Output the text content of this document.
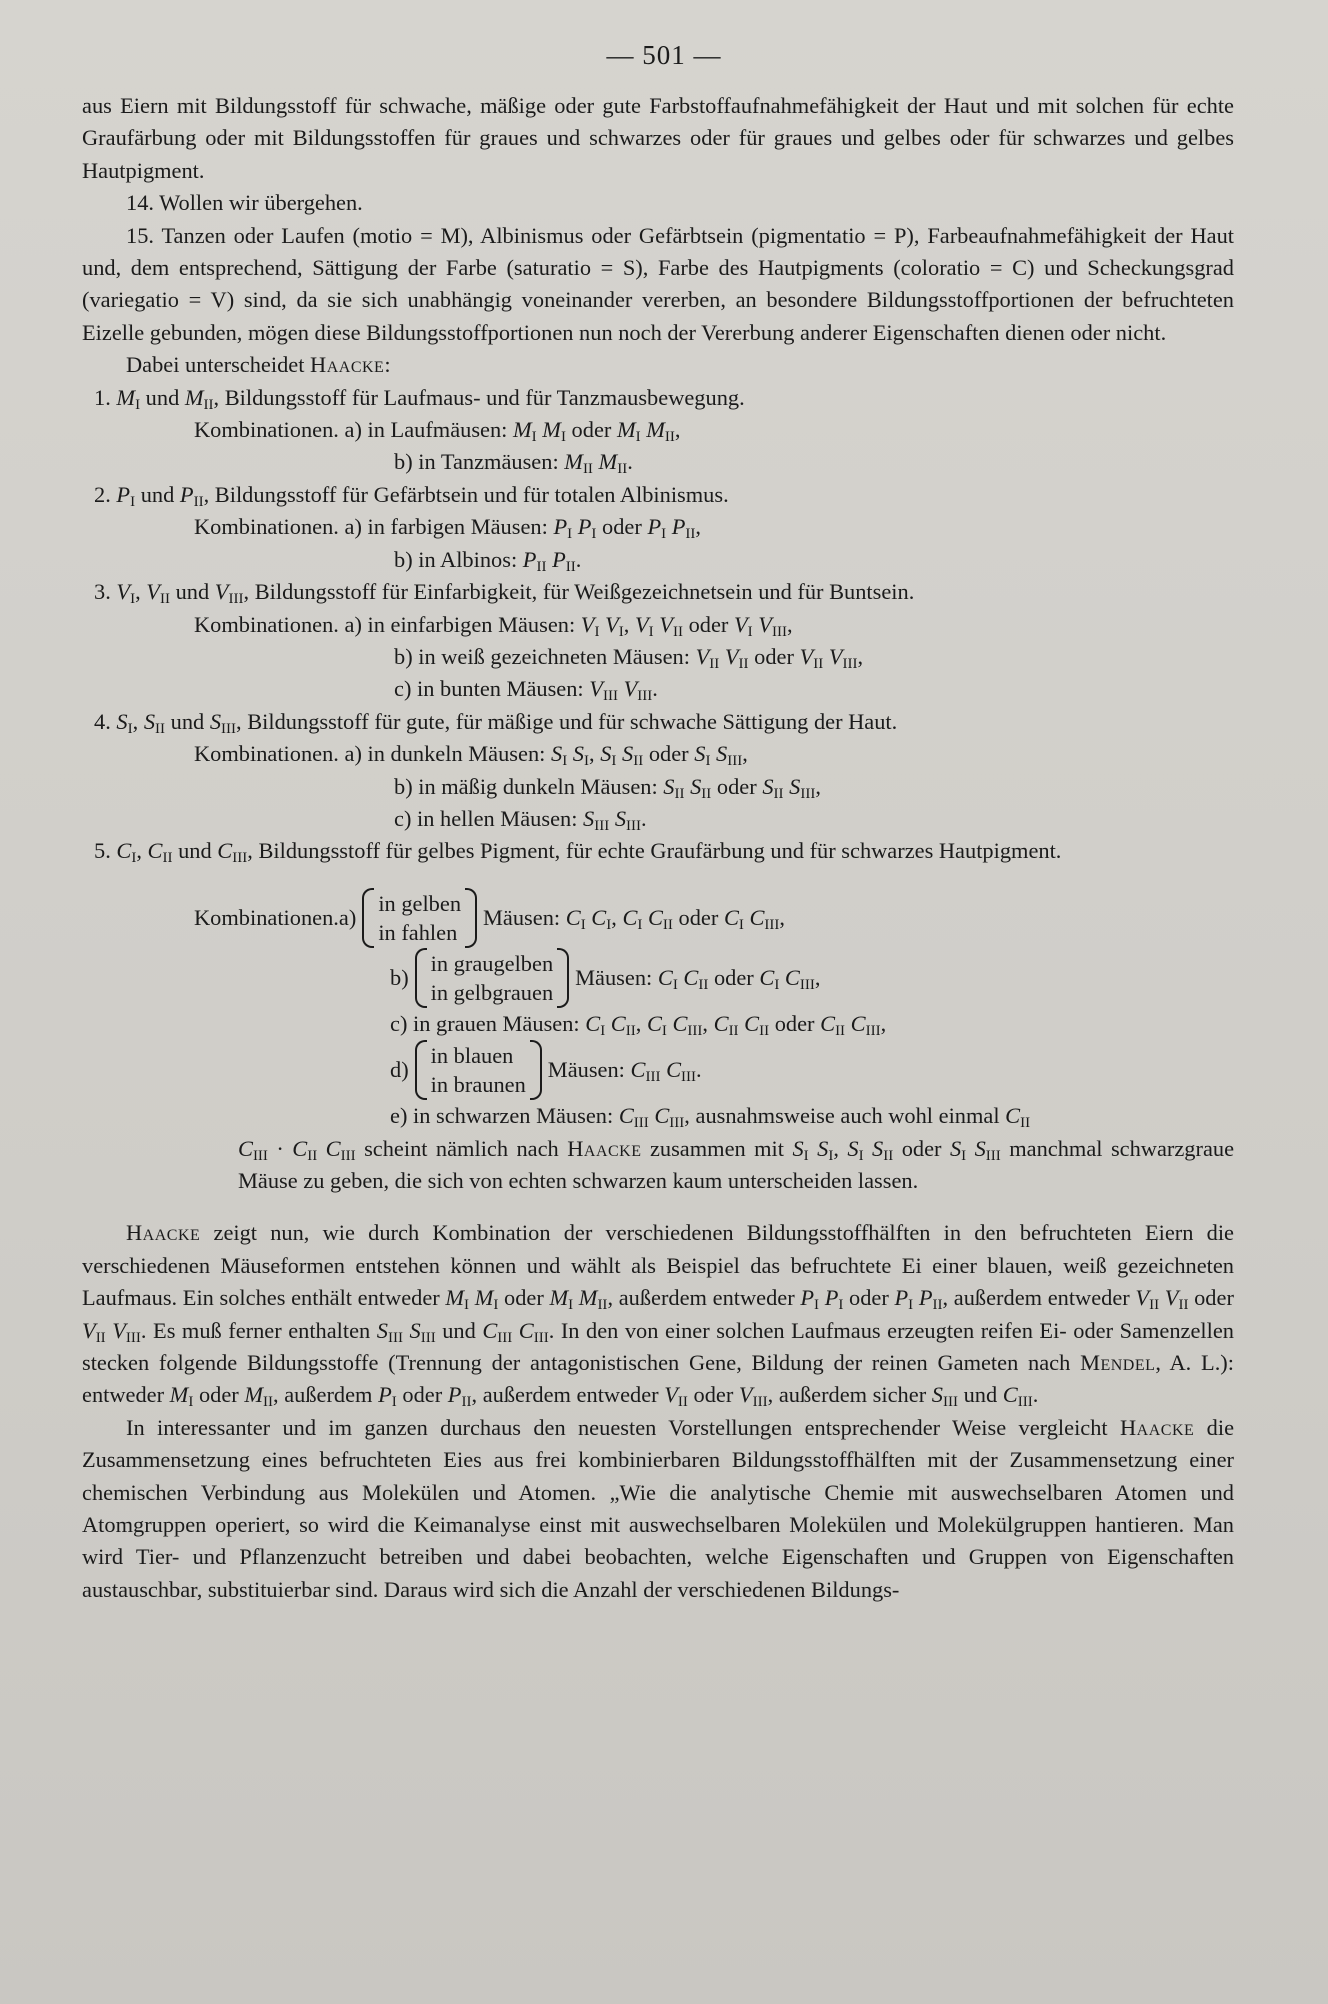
— 501 —

aus Eiern mit Bildungsstoff für schwache, mäßige oder gute Farbstoffaufnahmefähigkeit der Haut und mit solchen für echte Graufärbung oder mit Bildungsstoffen für graues und schwarzes oder für graues und gelbes oder für schwarzes und gelbes Hautpigment.

14. Wollen wir übergehen.

15. Tanzen oder Laufen (motio = M), Albinismus oder Gefärbtsein (pigmentatio = P), Farbeaufnahmefähigkeit der Haut und, dem entsprechend, Sättigung der Farbe (saturatio = S), Farbe des Hautpigments (coloratio = C) und Scheckungsgrad (variegatio = V) sind, da sie sich unabhängig voneinander vererben, an besondere Bildungsstoffportionen der befruchteten Eizelle gebunden, mögen diese Bildungsstoffportionen nun noch der Vererbung anderer Eigenschaften dienen oder nicht.

Dabei unterscheidet Haacke:

1. $M_I$ und $M_{II}$, Bildungsstoff für Laufmaus- und für Tanzmausbewegung.

Kombinationen. a) in Laufmäusen: $M_I$ $M_I$ oder $M_I$ $M_{II}$,

b) in Tanzmäusen: $M_{II}$ $M_{II}$.

2. $P_I$ und $P_{II}$, Bildungsstoff für Gefärbtsein und für totalen Albinismus.

Kombinationen. a) in farbigen Mäusen: $P_I$ $P_I$ oder $P_I$ $P_{II}$,

b) in Albinos: $P_{II}$ $P_{II}$.

3. $V_I$, $V_{II}$ und $V_{III}$, Bildungsstoff für Einfarbigkeit, für Weißgezeichnetsein und für Buntsein.

Kombinationen. a) in einfarbigen Mäusen: $V_I$ $V_I$, $V_I$ $V_{II}$ oder $V_I$ $V_{III}$,

b) in weiß gezeichneten Mäusen: $V_{II}$ $V_{II}$ oder $V_{II}$ $V_{III}$,

c) in bunten Mäusen: $V_{III}$ $V_{III}$.

4. $S_I$, $S_{II}$ und $S_{III}$, Bildungsstoff für gute, für mäßige und für schwache Sättigung der Haut.

Kombinationen. a) in dunkeln Mäusen: $S_I$ $S_I$, $S_I$ $S_{II}$ oder $S_I$ $S_{III}$,

b) in mäßig dunkeln Mäusen: $S_{II}$ $S_{II}$ oder $S_{II}$ $S_{III}$,

c) in hellen Mäusen: $S_{III}$ $S_{III}$.

5. $C_I$, $C_{II}$ und $C_{III}$, Bildungsstoff für gelbes Pigment, für echte Graufärbung und für schwarzes Hautpigment.

Kombinationen. a)
in gelben
in fahlen
Mäusen: $C_I$ $C_I$, $C_I$ $C_{II}$ oder $C_I$ $C_{III}$,
b)
in graugelben
in gelbgrauen
Mäusen: $C_I$ $C_{II}$ oder $C_I$ $C_{III}$,

c) in grauen Mäusen: $C_I$ $C_{II}$, $C_I$ $C_{III}$, $C_{II}$ $C_{II}$ oder $C_{II}$ $C_{III}$,

d)
in blauen
in braunen
Mäusen: $C_{III}$ $C_{III}$.

e) in schwarzen Mäusen: $C_{III}$ $C_{III}$, ausnahmsweise auch wohl einmal $C_{II}$

$C_{III} \cdot C_{II}$ $C_{III}$ scheint nämlich nach Haacke zusammen mit $S_I$ $S_I$, $S_I$ $S_{II}$ oder $S_I$ $S_{III}$ manchmal schwarzgraue Mäuse zu geben, die sich von echten schwarzen kaum unterscheiden lassen.

Haacke zeigt nun, wie durch Kombination der verschiedenen Bildungsstoffhälften in den befruchteten Eiern die verschiedenen Mäuseformen entstehen können und wählt als Beispiel das befruchtete Ei einer blauen, weiß gezeichneten Laufmaus. Ein solches enthält entweder $M_I$ $M_I$ oder $M_I$ $M_{II}$, außerdem entweder $P_I$ $P_I$ oder $P_I$ $P_{II}$, außerdem entweder $V_{II}$ $V_{II}$ oder $V_{II}$ $V_{III}$. Es muß ferner enthalten $S_{III}$ $S_{III}$ und $C_{III}$ $C_{III}$. In den von einer solchen Laufmaus erzeugten reifen Ei- oder Samenzellen stecken folgende Bildungsstoffe (Trennung der antagonistischen Gene, Bildung der reinen Gameten nach Mendel, A. L.): entweder $M_I$ oder $M_{II}$, außerdem $P_I$ oder $P_{II}$, außerdem entweder $V_{II}$ oder $V_{III}$, außerdem sicher $S_{III}$ und $C_{III}$.

In interessanter und im ganzen durchaus den neuesten Vorstellungen entsprechender Weise vergleicht Haacke die Zusammensetzung eines befruchteten Eies aus frei kombinierbaren Bildungsstoffhälften mit der Zusammensetzung einer chemischen Verbindung aus Molekülen und Atomen. „Wie die analytische Chemie mit auswechselbaren Atomen und Atomgruppen operiert, so wird die Keimanalyse einst mit auswechselbaren Molekülen und Molekülgruppen hantieren. Man wird Tier- und Pflanzenzucht betreiben und dabei beobachten, welche Eigenschaften und Gruppen von Eigenschaften austauschbar, substituierbar sind. Daraus wird sich die Anzahl der verschiedenen Bildungs-
